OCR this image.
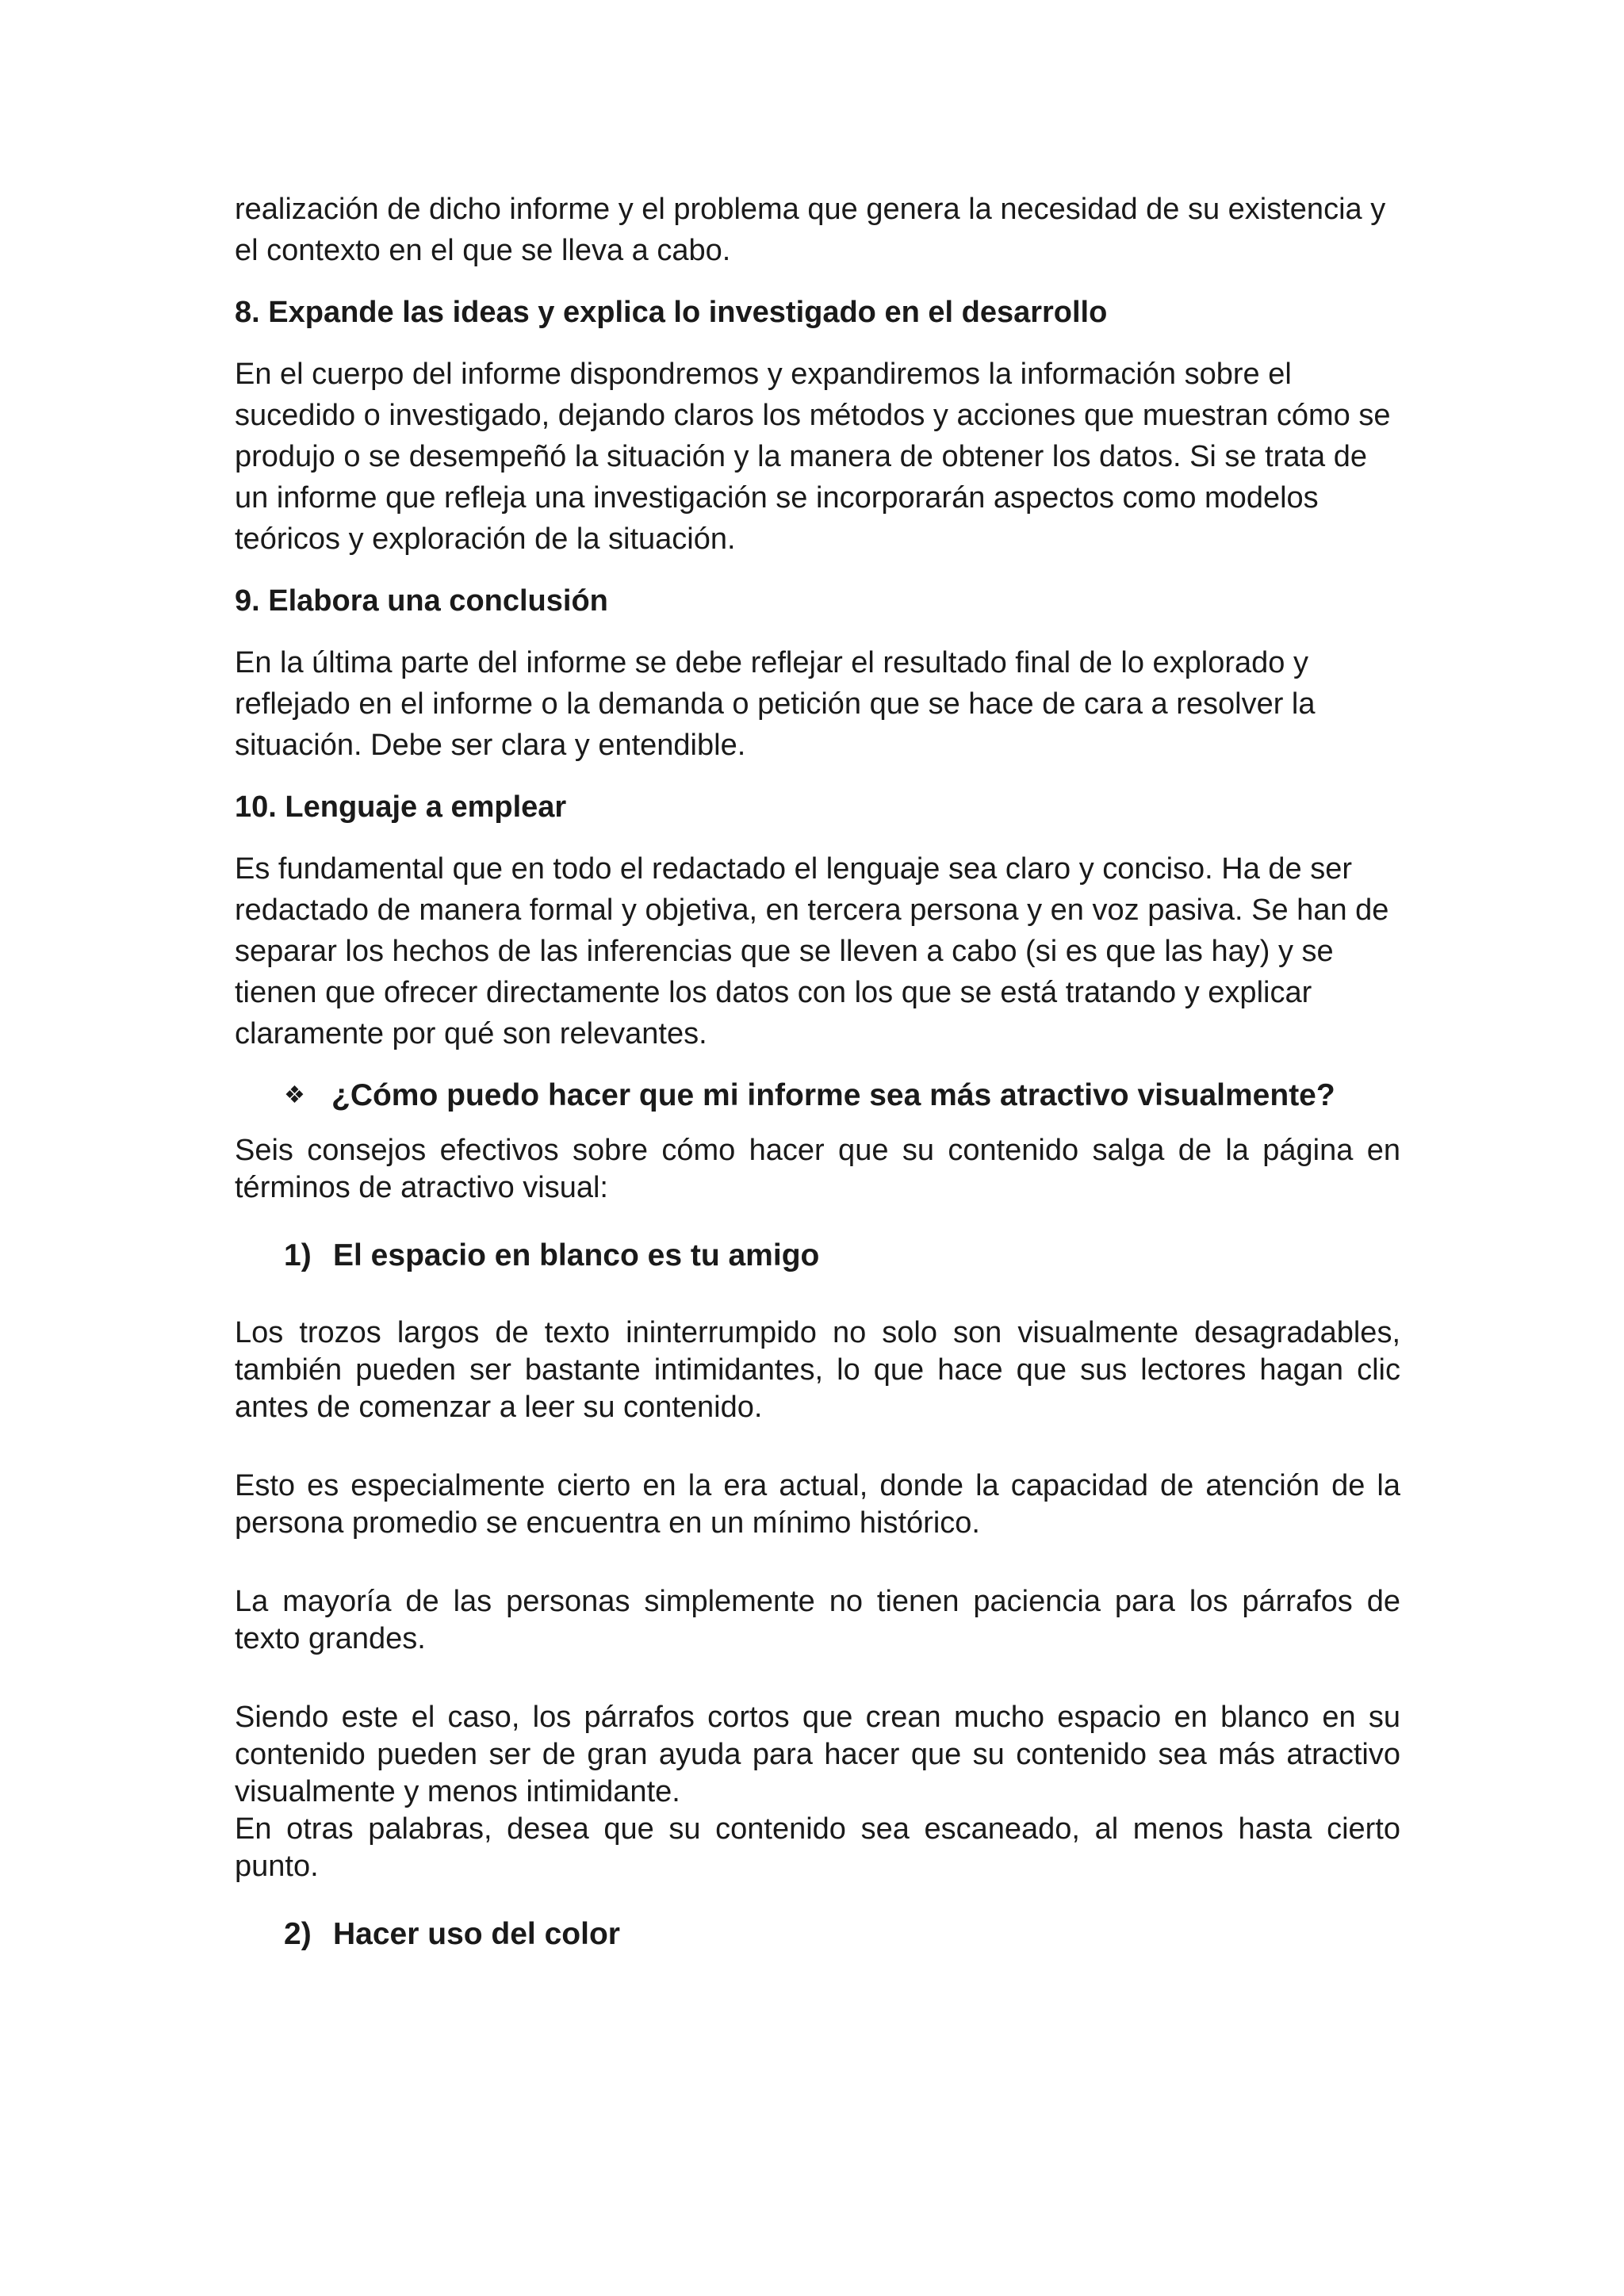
realización de dicho informe y el problema que genera la necesidad de su existencia y el contexto en el que se lleva a cabo.

8. Expande las ideas y explica lo investigado en el desarrollo

En el cuerpo del informe dispondremos y expandiremos la información sobre el sucedido o investigado, dejando claros los métodos y acciones que muestran cómo se produjo o se desempeñó la situación y la manera de obtener los datos. Si se trata de un informe que refleja una investigación se incorporarán aspectos como modelos teóricos y exploración de la situación.

9. Elabora una conclusión

En la última parte del informe se debe reflejar el resultado final de lo explorado y reflejado en el informe o la demanda o petición que se hace de cara a resolver la situación. Debe ser clara y entendible.

10. Lenguaje a emplear

Es fundamental que en todo el redactado el lenguaje sea claro y conciso. Ha de ser redactado de manera formal y objetiva, en tercera persona y en voz pasiva. Se han de separar los hechos de las inferencias que se lleven a cabo (si es que las hay) y se tienen que ofrecer directamente los datos con los que se está tratando y explicar claramente por qué son relevantes.

❖ ¿Cómo puedo hacer que mi informe sea más atractivo visualmente?

Seis consejos efectivos sobre cómo hacer que su contenido salga de la página en términos de atractivo visual:

1) El espacio en blanco es tu amigo

Los trozos largos de texto ininterrumpido no solo son visualmente desagradables, también pueden ser bastante intimidantes, lo que hace que sus lectores hagan clic antes de comenzar a leer su contenido.

Esto es especialmente cierto en la era actual, donde la capacidad de atención de la persona promedio se encuentra en un mínimo histórico.

La mayoría de las personas simplemente no tienen paciencia para los párrafos de texto grandes.

Siendo este el caso, los párrafos cortos que crean mucho espacio en blanco en su contenido pueden ser de gran ayuda para hacer que su contenido sea más atractivo visualmente y menos intimidante.

En otras palabras, desea que su contenido sea escaneado, al menos hasta cierto punto.

2) Hacer uso del color
